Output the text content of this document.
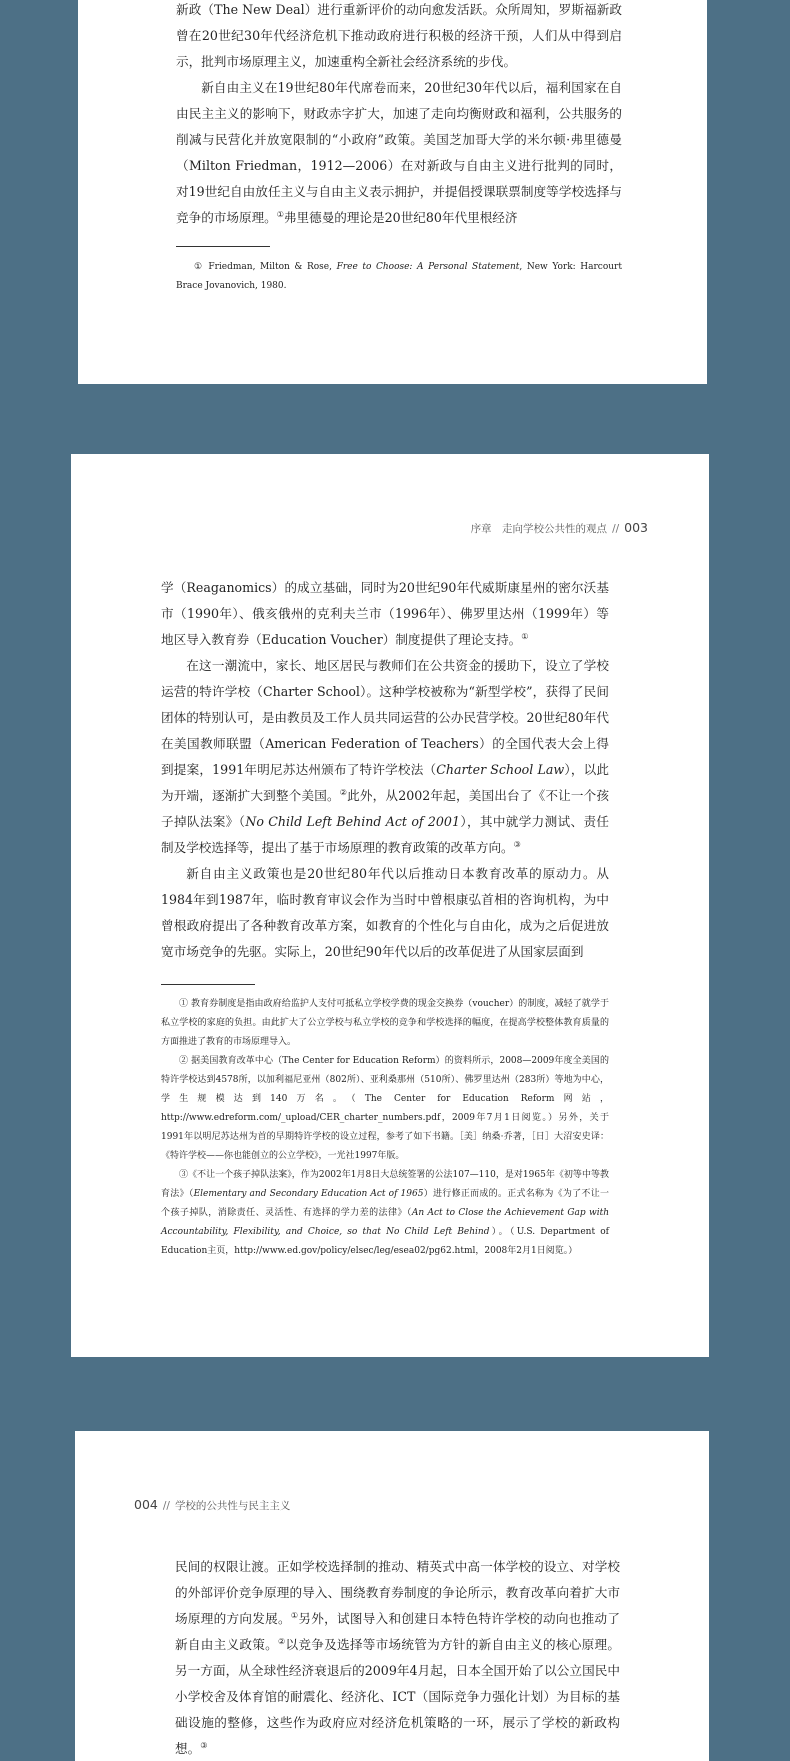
新政（The New Deal）进行重新评价的动向愈发活跃。众所周知，罗斯福新政曾在20世纪30年代经济危机下推动政府进行积极的经济干预，人们从中得到启示，批判市场原理主义，加速重构全新社会经济系统的步伐。

新自由主义在19世纪80年代席卷而来，20世纪30年代以后，福利国家在自由民主主义的影响下，财政赤字扩大，加速了走向均衡财政和福利，公共服务的削减与民营化并放宽限制的“小政府”政策。美国芝加哥大学的米尔顿·弗里德曼（Milton Friedman，1912—2006）在对新政与自由主义进行批判的同时，对19世纪自由放任主义与自由主义表示拥护，并提倡授课联票制度等学校选择与竞争的市场原理。①弗里德曼的理论是20世纪80年代里根经济

① Friedman, Milton & Rose, Free to Choose: A Personal Statement, New York: Harcourt Brace Jovanovich, 1980.

序章　走向学校公共性的观点 // 003

学（Reaganomics）的成立基础，同时为20世纪90年代威斯康星州的密尔沃基市（1990年）、俄亥俄州的克利夫兰市（1996年）、佛罗里达州（1999年）等地区导入教育券（Education Voucher）制度提供了理论支持。①

在这一潮流中，家长、地区居民与教师们在公共资金的援助下，设立了学校运营的特许学校（Charter School）。这种学校被称为“新型学校”，获得了民间团体的特别认可，是由教员及工作人员共同运营的公办民营学校。20世纪80年代在美国教师联盟（American Federation of Teachers）的全国代表大会上得到提案，1991年明尼苏达州颁布了特许学校法（Charter School Law），以此为开端，逐渐扩大到整个美国。②此外，从2002年起，美国出台了《不让一个孩子掉队法案》（No Child Left Behind Act of 2001），其中就学力测试、责任制及学校选择等，提出了基于市场原理的教育政策的改革方向。③

新自由主义政策也是20世纪80年代以后推动日本教育改革的原动力。从1984年到1987年，临时教育审议会作为当时中曾根康弘首相的咨询机构，为中曾根政府提出了各种教育改革方案，如教育的个性化与自由化，成为之后促进放宽市场竞争的先驱。实际上，20世纪90年代以后的改革促进了从国家层面到

① 教育券制度是指由政府给监护人支付可抵私立学校学费的现金交换券（voucher）的制度，减轻了就学于私立学校的家庭的负担。由此扩大了公立学校与私立学校的竞争和学校选择的幅度，在提高学校整体教育质量的方面推进了教育的市场原理导入。

② 据美国教育改革中心（The Center for Education Reform）的资料所示，2008—2009年度全美国的特许学校达到4578所，以加利福尼亚州（802所）、亚利桑那州（510所）、佛罗里达州（283所）等地为中心，学生规模达到140万名。（The Center for Education Reform网站，http://www.edreform.com/_upload/CER_charter_numbers.pdf，2009年7月1日阅览。）另外，关于1991年以明尼苏达州为首的早期特许学校的设立过程，参考了如下书籍。［美］纳桑·乔著，［日］大沼安史译：《特许学校——你也能创立的公立学校》，一光社1997年版。

③《不让一个孩子掉队法案》，作为2002年1月8日大总统签署的公法107—110，是对1965年《初等中等教育法》（Elementary and Secondary Education Act of 1965）进行修正而成的。正式名称为《为了不让一个孩子掉队，消除责任、灵活性、有选择的学力差的法律》（An Act to Close the Achievement Gap with Accountability, Flexibility, and Choice, so that No Child Left Behind）。（U.S. Department of Education主页，http://www.ed.gov/policy/elsec/leg/esea02/pg62.html，2008年2月1日阅览。）

004 // 学校的公共性与民主主义

民间的权限让渡。正如学校选择制的推动、精英式中高一体学校的设立、对学校的外部评价竞争原理的导入、围绕教育券制度的争论所示，教育改革向着扩大市场原理的方向发展。①另外，试图导入和创建日本特色特许学校的动向也推动了新自由主义政策。②以竞争及选择等市场统管为方针的新自由主义的核心原理。另一方面，从全球性经济衰退后的2009年4月起，日本全国开始了以公立国民中小学校舍及体育馆的耐震化、经济化、ICT（国际竞争力强化计划）为目标的基础设施的整修，这些作为政府应对经济危机策略的一环，展示了学校的新政构想。③
